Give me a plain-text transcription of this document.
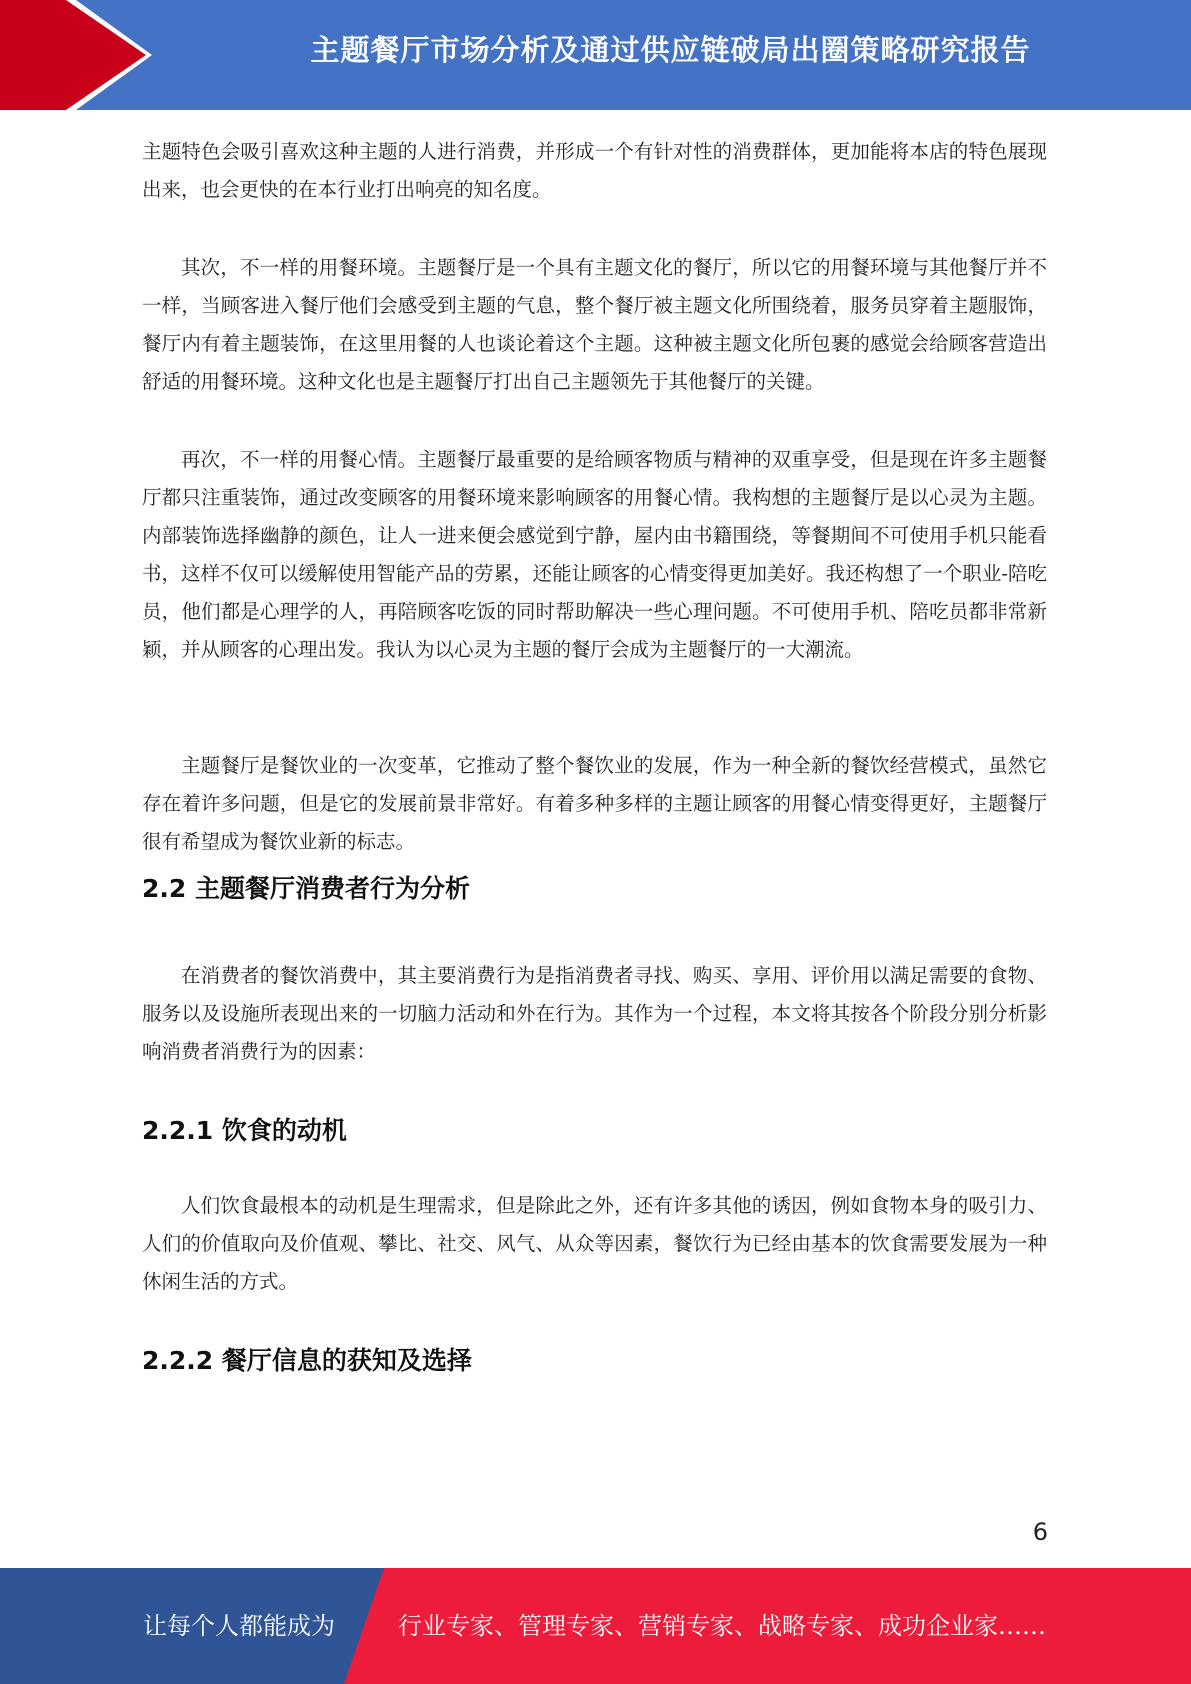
主题餐厅市场分析及通过供应链破局出圈策略研究报告

主题特色会吸引喜欢这种主题的人进行消费，并形成一个有针对性的消费群体，更加能将本店的特色展现出来，也会更快的在本行业打出响亮的知名度。

其次，不一样的用餐环境。主题餐厅是一个具有主题文化的餐厅，所以它的用餐环境与其他餐厅并不一样，当顾客进入餐厅他们会感受到主题的气息，整个餐厅被主题文化所围绕着，服务员穿着主题服饰，餐厅内有着主题装饰，在这里用餐的人也谈论着这个主题。这种被主题文化所包裹的感觉会给顾客营造出舒适的用餐环境。这种文化也是主题餐厅打出自己主题领先于其他餐厅的关键。

再次，不一样的用餐心情。主题餐厅最重要的是给顾客物质与精神的双重享受，但是现在许多主题餐厅都只注重装饰，通过改变顾客的用餐环境来影响顾客的用餐心情。我构想的主题餐厅是以心灵为主题。内部装饰选择幽静的颜色，让人一进来便会感觉到宁静，屋内由书籍围绕，等餐期间不可使用手机只能看书，这样不仅可以缓解使用智能产品的劳累，还能让顾客的心情变得更加美好。我还构想了一个职业-陪吃员，他们都是心理学的人，再陪顾客吃饭的同时帮助解决一些心理问题。不可使用手机、陪吃员都非常新颖，并从顾客的心理出发。我认为以心灵为主题的餐厅会成为主题餐厅的一大潮流。

主题餐厅是餐饮业的一次变革，它推动了整个餐饮业的发展，作为一种全新的餐饮经营模式，虽然它存在着许多问题，但是它的发展前景非常好。有着多种多样的主题让顾客的用餐心情变得更好，主题餐厅很有希望成为餐饮业新的标志。

2.2 主题餐厅消费者行为分析

在消费者的餐饮消费中，其主要消费行为是指消费者寻找、购买、享用、评价用以满足需要的食物、服务以及设施所表现出来的一切脑力活动和外在行为。其作为一个过程，本文将其按各个阶段分别分析影响消费者消费行为的因素：

2.2.1 饮食的动机

人们饮食最根本的动机是生理需求，但是除此之外，还有许多其他的诱因，例如食物本身的吸引力、人们的价值取向及价值观、攀比、社交、风气、从众等因素，餐饮行为已经由基本的饮食需要发展为一种休闲生活的方式。

2.2.2 餐厅信息的获知及选择
6
让每个人都能成为	行业专家、管理专家、营销专家、战略专家、成功企业家……
